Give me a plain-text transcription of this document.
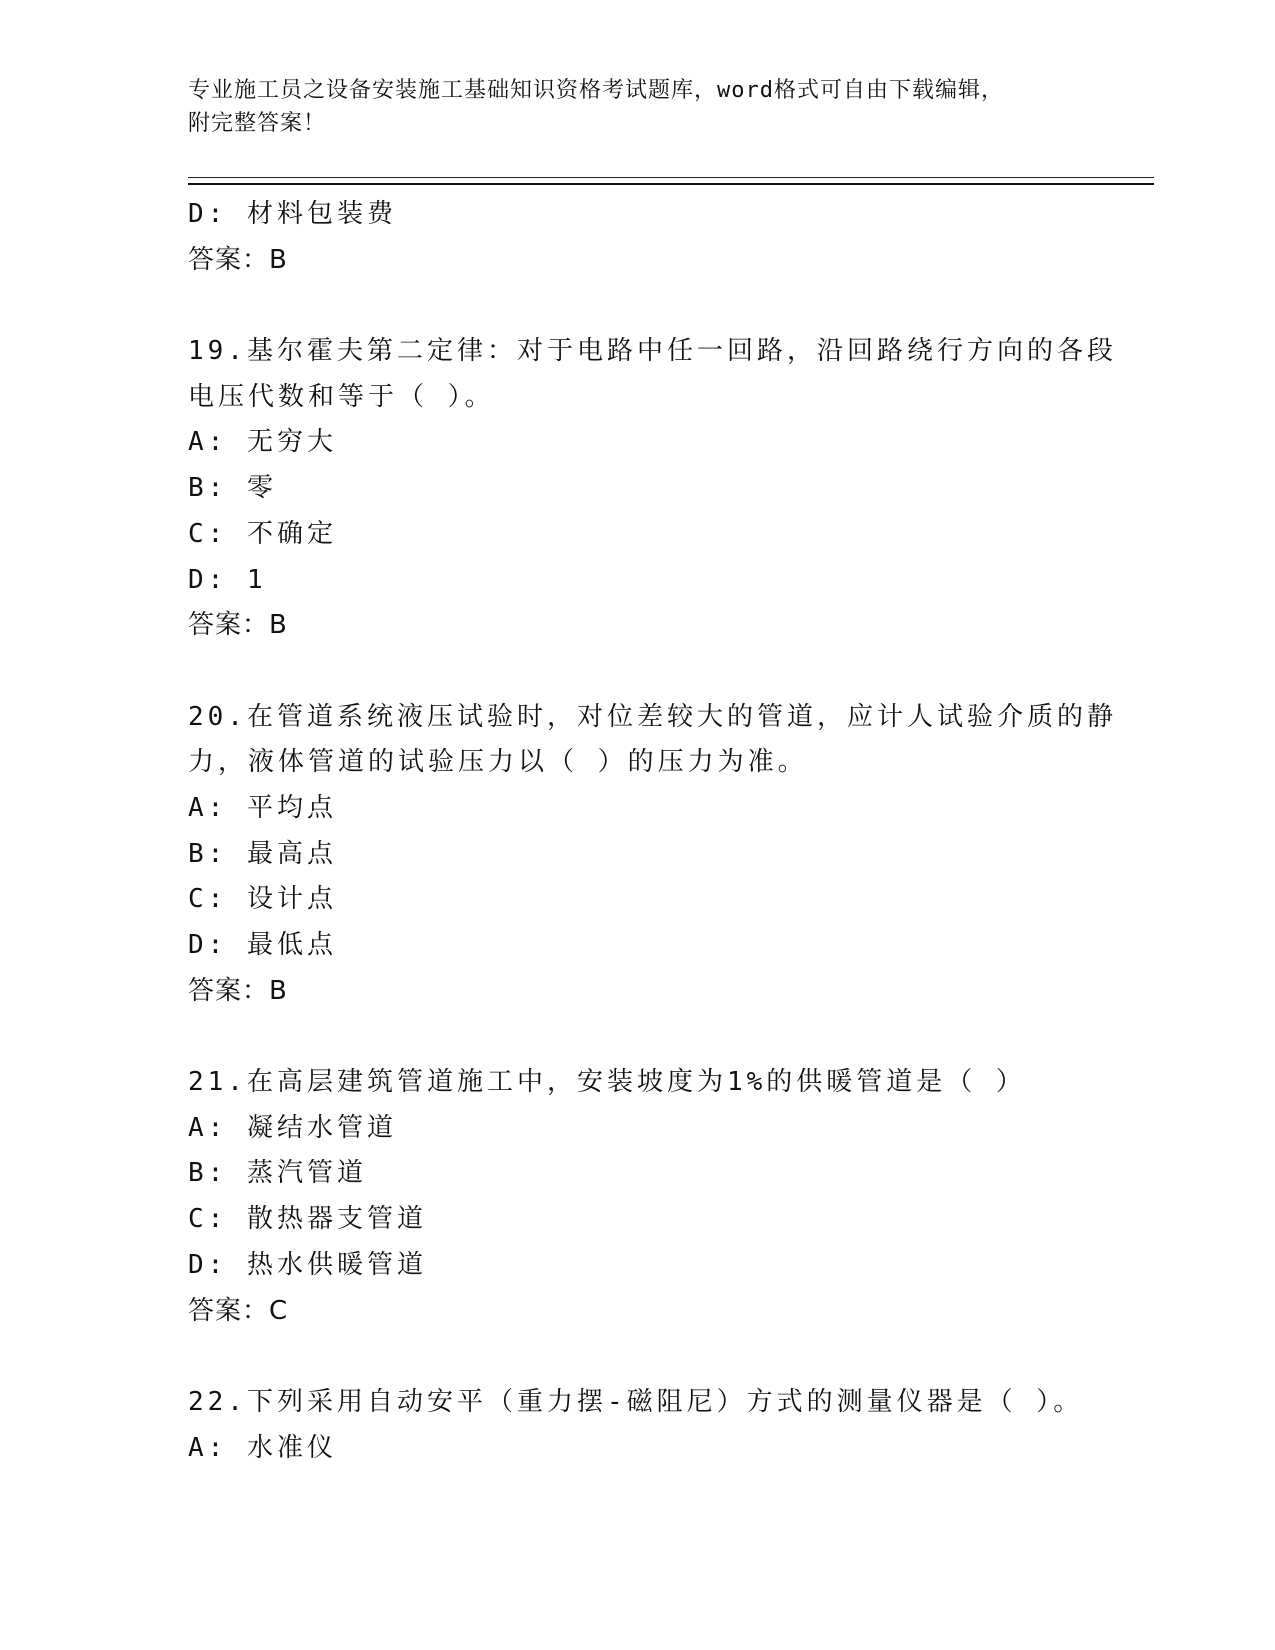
专业施工员之设备安装施工基础知识资格考试题库，word格式可自由下载编辑，
附完整答案！
D: 材料包装费
答案：B
19.基尔霍夫第二定律：对于电路中任一回路，沿回路绕行方向的各段
电压代数和等于（ ）。
A: 无穷大
B: 零
C: 不确定
D: 1
答案：B
20.在管道系统液压试验时，对位差较大的管道，应计人试验介质的静
力，液体管道的试验压力以（ ）的压力为准。
A: 平均点
B: 最高点
C: 设计点
D: 最低点
答案：B
21.在高层建筑管道施工中，安装坡度为1%的供暖管道是（ ）
A: 凝结水管道
B: 蒸汽管道
C: 散热器支管道
D: 热水供暖管道
答案：C
22.下列采用自动安平（重力摆-磁阻尼）方式的测量仪器是（ ）。
A: 水准仪
